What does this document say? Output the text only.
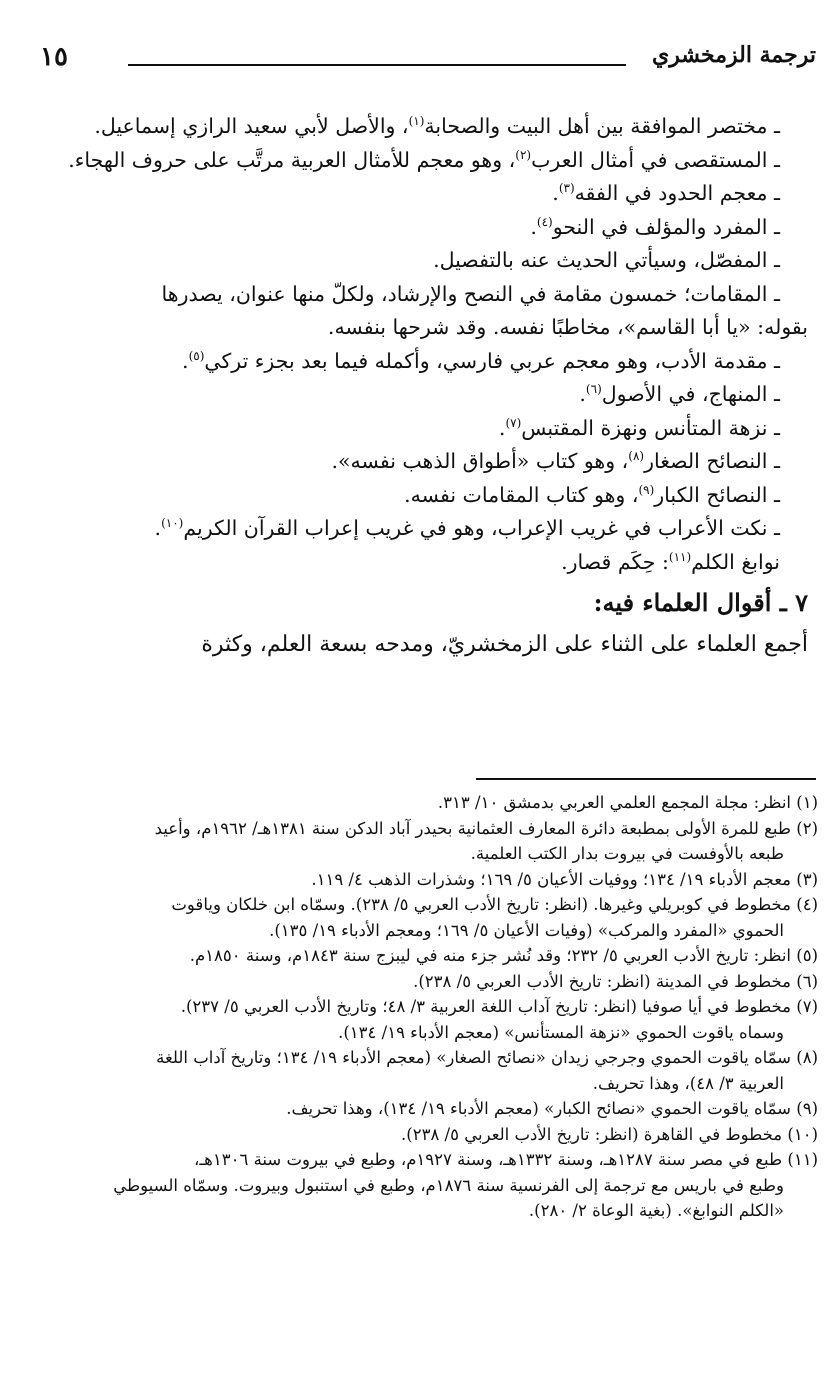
ترجمة الزمخشري
١٥
ـ مختصر الموافقة بين أهل البيت والصحابة$^{(١)}$، والأصل لأبي سعيد الرازي إسماعيل.
ـ المستقصى في أمثال العرب$^{(٢)}$، وهو معجم للأمثال العربية مرتَّب على حروف الهجاء.
ـ معجم الحدود في الفقه$^{(٣)}$.
ـ المفرد والمؤلف في النحو$^{(٤)}$.
ـ المفصّل، وسيأتي الحديث عنه بالتفصيل.
ـ المقامات؛ خمسون مقامة في النصح والإرشاد، ولكلّ منها عنوان، يصدرها
بقوله: «يا أبا القاسم»، مخاطبًا نفسه. وقد شرحها بنفسه.
ـ مقدمة الأدب، وهو معجم عربي فارسي، وأكمله فيما بعد بجزء تركي$^{(٥)}$.
ـ المنهاج، في الأصول$^{(٦)}$.
ـ نزهة المتأنس ونهزة المقتبس$^{(٧)}$.
ـ النصائح الصغار$^{(٨)}$، وهو كتاب «أطواق الذهب نفسه».
ـ النصائح الكبار$^{(٩)}$، وهو كتاب المقامات نفسه.
ـ نكت الأعراب في غريب الإعراب، وهو في غريب إعراب القرآن الكريم$^{(١٠)}$.
نوابغ الكلم$^{(١١)}$: حِكَم قصار.
٧ ـ أقوال العلماء فيه:
أجمع العلماء على الثناء على الزمخشريّ، ومدحه بسعة العلم، وكثرة
(١) انظر: مجلة المجمع العلمي العربي بدمشق ١٠/ ٣١٣.
(٢) طبع للمرة الأولى بمطبعة دائرة المعارف العثمانية بحيدر آباد الدكن سنة ١٣٨١هـ/ ١٩٦٢م، وأعيد
طبعه بالأوفست في بيروت بدار الكتب العلمية.
(٣) معجم الأدباء ١٩/ ١٣٤؛ ووفيات الأعيان ٥/ ١٦٩؛ وشذرات الذهب ٤/ ١١٩.
(٤) مخطوط في كوبريلي وغيرها. (انظر: تاريخ الأدب العربي ٥/ ٢٣٨). وسمّاه ابن خلكان وياقوت
الحموي «المفرد والمركب» (وفيات الأعيان ٥/ ١٦٩؛ ومعجم الأدباء ١٩/ ١٣٥).
(٥) انظر: تاريخ الأدب العربي ٥/ ٢٣٢؛ وقد نُشر جزء منه في ليبزج سنة ١٨٤٣م، وسنة ١٨٥٠م.
(٦) مخطوط في المدينة (انظر: تاريخ الأدب العربي ٥/ ٢٣٨).
(٧) مخطوط في أيا صوفيا (انظر: تاريخ آداب اللغة العربية ٣/ ٤٨؛ وتاريخ الأدب العربي ٥/ ٢٣٧).
وسماه ياقوت الحموي «نزهة المستأنس» (معجم الأدباء ١٩/ ١٣٤).
(٨) سمّاه ياقوت الحموي وجرجي زيدان «نصائح الصغار» (معجم الأدباء ١٩/ ١٣٤؛ وتاريخ آداب اللغة
العربية ٣/ ٤٨)، وهذا تحريف.
(٩) سمّاه ياقوت الحموي «نصائح الكبار» (معجم الأدباء ١٩/ ١٣٤)، وهذا تحريف.
(١٠) مخطوط في القاهرة (انظر: تاريخ الأدب العربي ٥/ ٢٣٨).
(١١) طبع في مصر سنة ١٢٨٧هـ، وسنة ١٣٣٢هـ، وسنة ١٩٢٧م، وطبع في بيروت سنة ١٣٠٦هـ،
وطبع في باريس مع ترجمة إلى الفرنسية سنة ١٨٧٦م، وطبع في استنبول وبيروت. وسمّاه السيوطي
«الكلم النوابغ». (بغية الوعاة ٢/ ٢٨٠).
